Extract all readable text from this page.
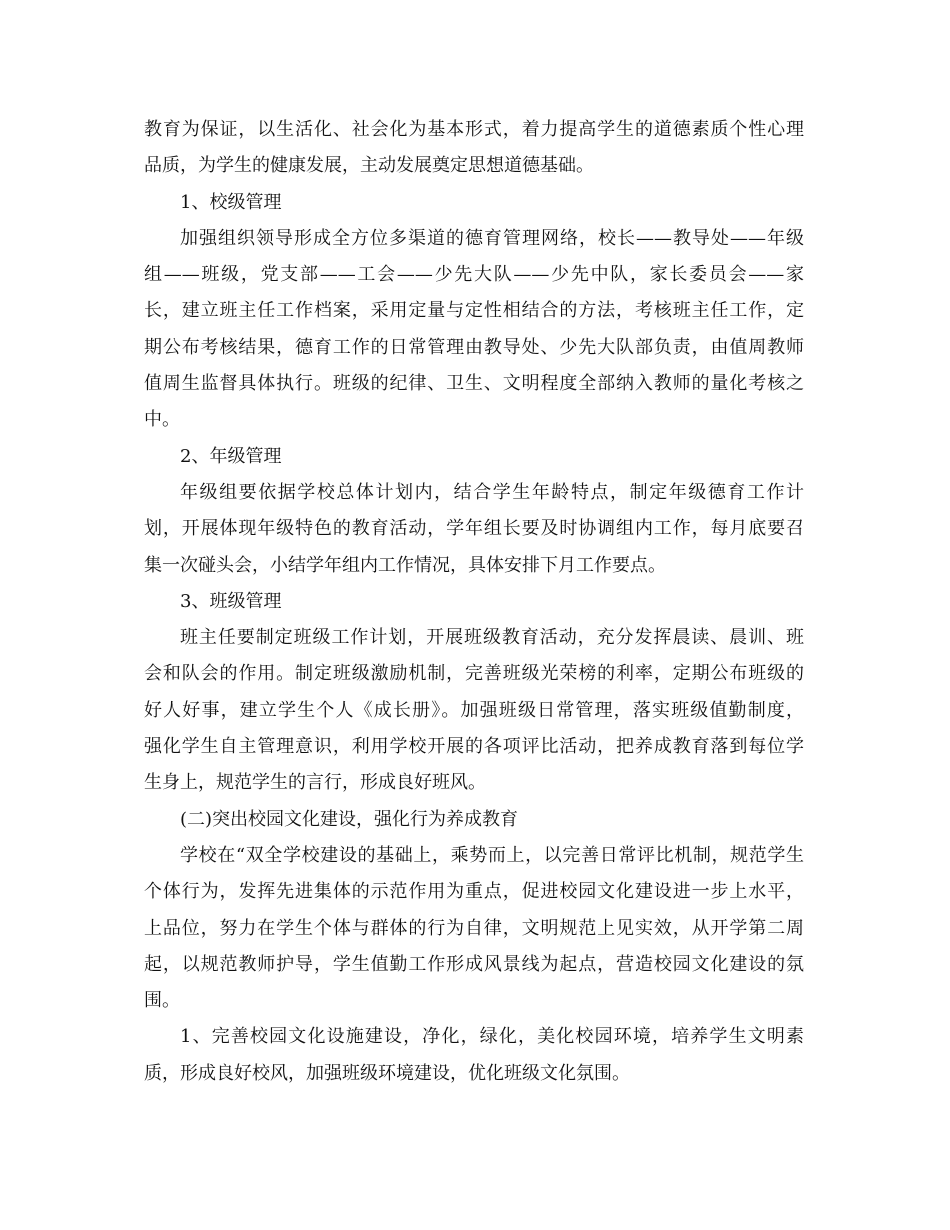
教育为保证，以生活化、社会化为基本形式，着力提高学生的道德素质个性心理
品质，为学生的健康发展，主动发展奠定思想道德基础。

1、校级管理

加强组织领导形成全方位多渠道的德育管理网络，校长——教导处——年级
组——班级，党支部——工会——少先大队——少先中队，家长委员会——家
长，建立班主任工作档案，采用定量与定性相结合的方法，考核班主任工作，定
期公布考核结果，德育工作的日常管理由教导处、少先大队部负责，由值周教师
值周生监督具体执行。班级的纪律、卫生、文明程度全部纳入教师的量化考核之
中。

2、年级管理

年级组要依据学校总体计划内，结合学生年龄特点，制定年级德育工作计
划，开展体现年级特色的教育活动，学年组长要及时协调组内工作，每月底要召
集一次碰头会，小结学年组内工作情况，具体安排下月工作要点。

3、班级管理

班主任要制定班级工作计划，开展班级教育活动，充分发挥晨读、晨训、班
会和队会的作用。制定班级激励机制，完善班级光荣榜的利率，定期公布班级的
好人好事，建立学生个人《成长册》。加强班级日常管理，落实班级值勤制度，
强化学生自主管理意识，利用学校开展的各项评比活动，把养成教育落到每位学
生身上，规范学生的言行，形成良好班风。

(二)突出校园文化建设，强化行为养成教育

学校在“双全学校建设的基础上，乘势而上，以完善日常评比机制，规范学生
个体行为，发挥先进集体的示范作用为重点，促进校园文化建设进一步上水平，
上品位，努力在学生个体与群体的行为自律，文明规范上见实效，从开学第二周
起，以规范教师护导，学生值勤工作形成风景线为起点，营造校园文化建设的氛
围。

1、完善校园文化设施建设，净化，绿化，美化校园环境，培养学生文明素
质，形成良好校风，加强班级环境建设，优化班级文化氛围。
